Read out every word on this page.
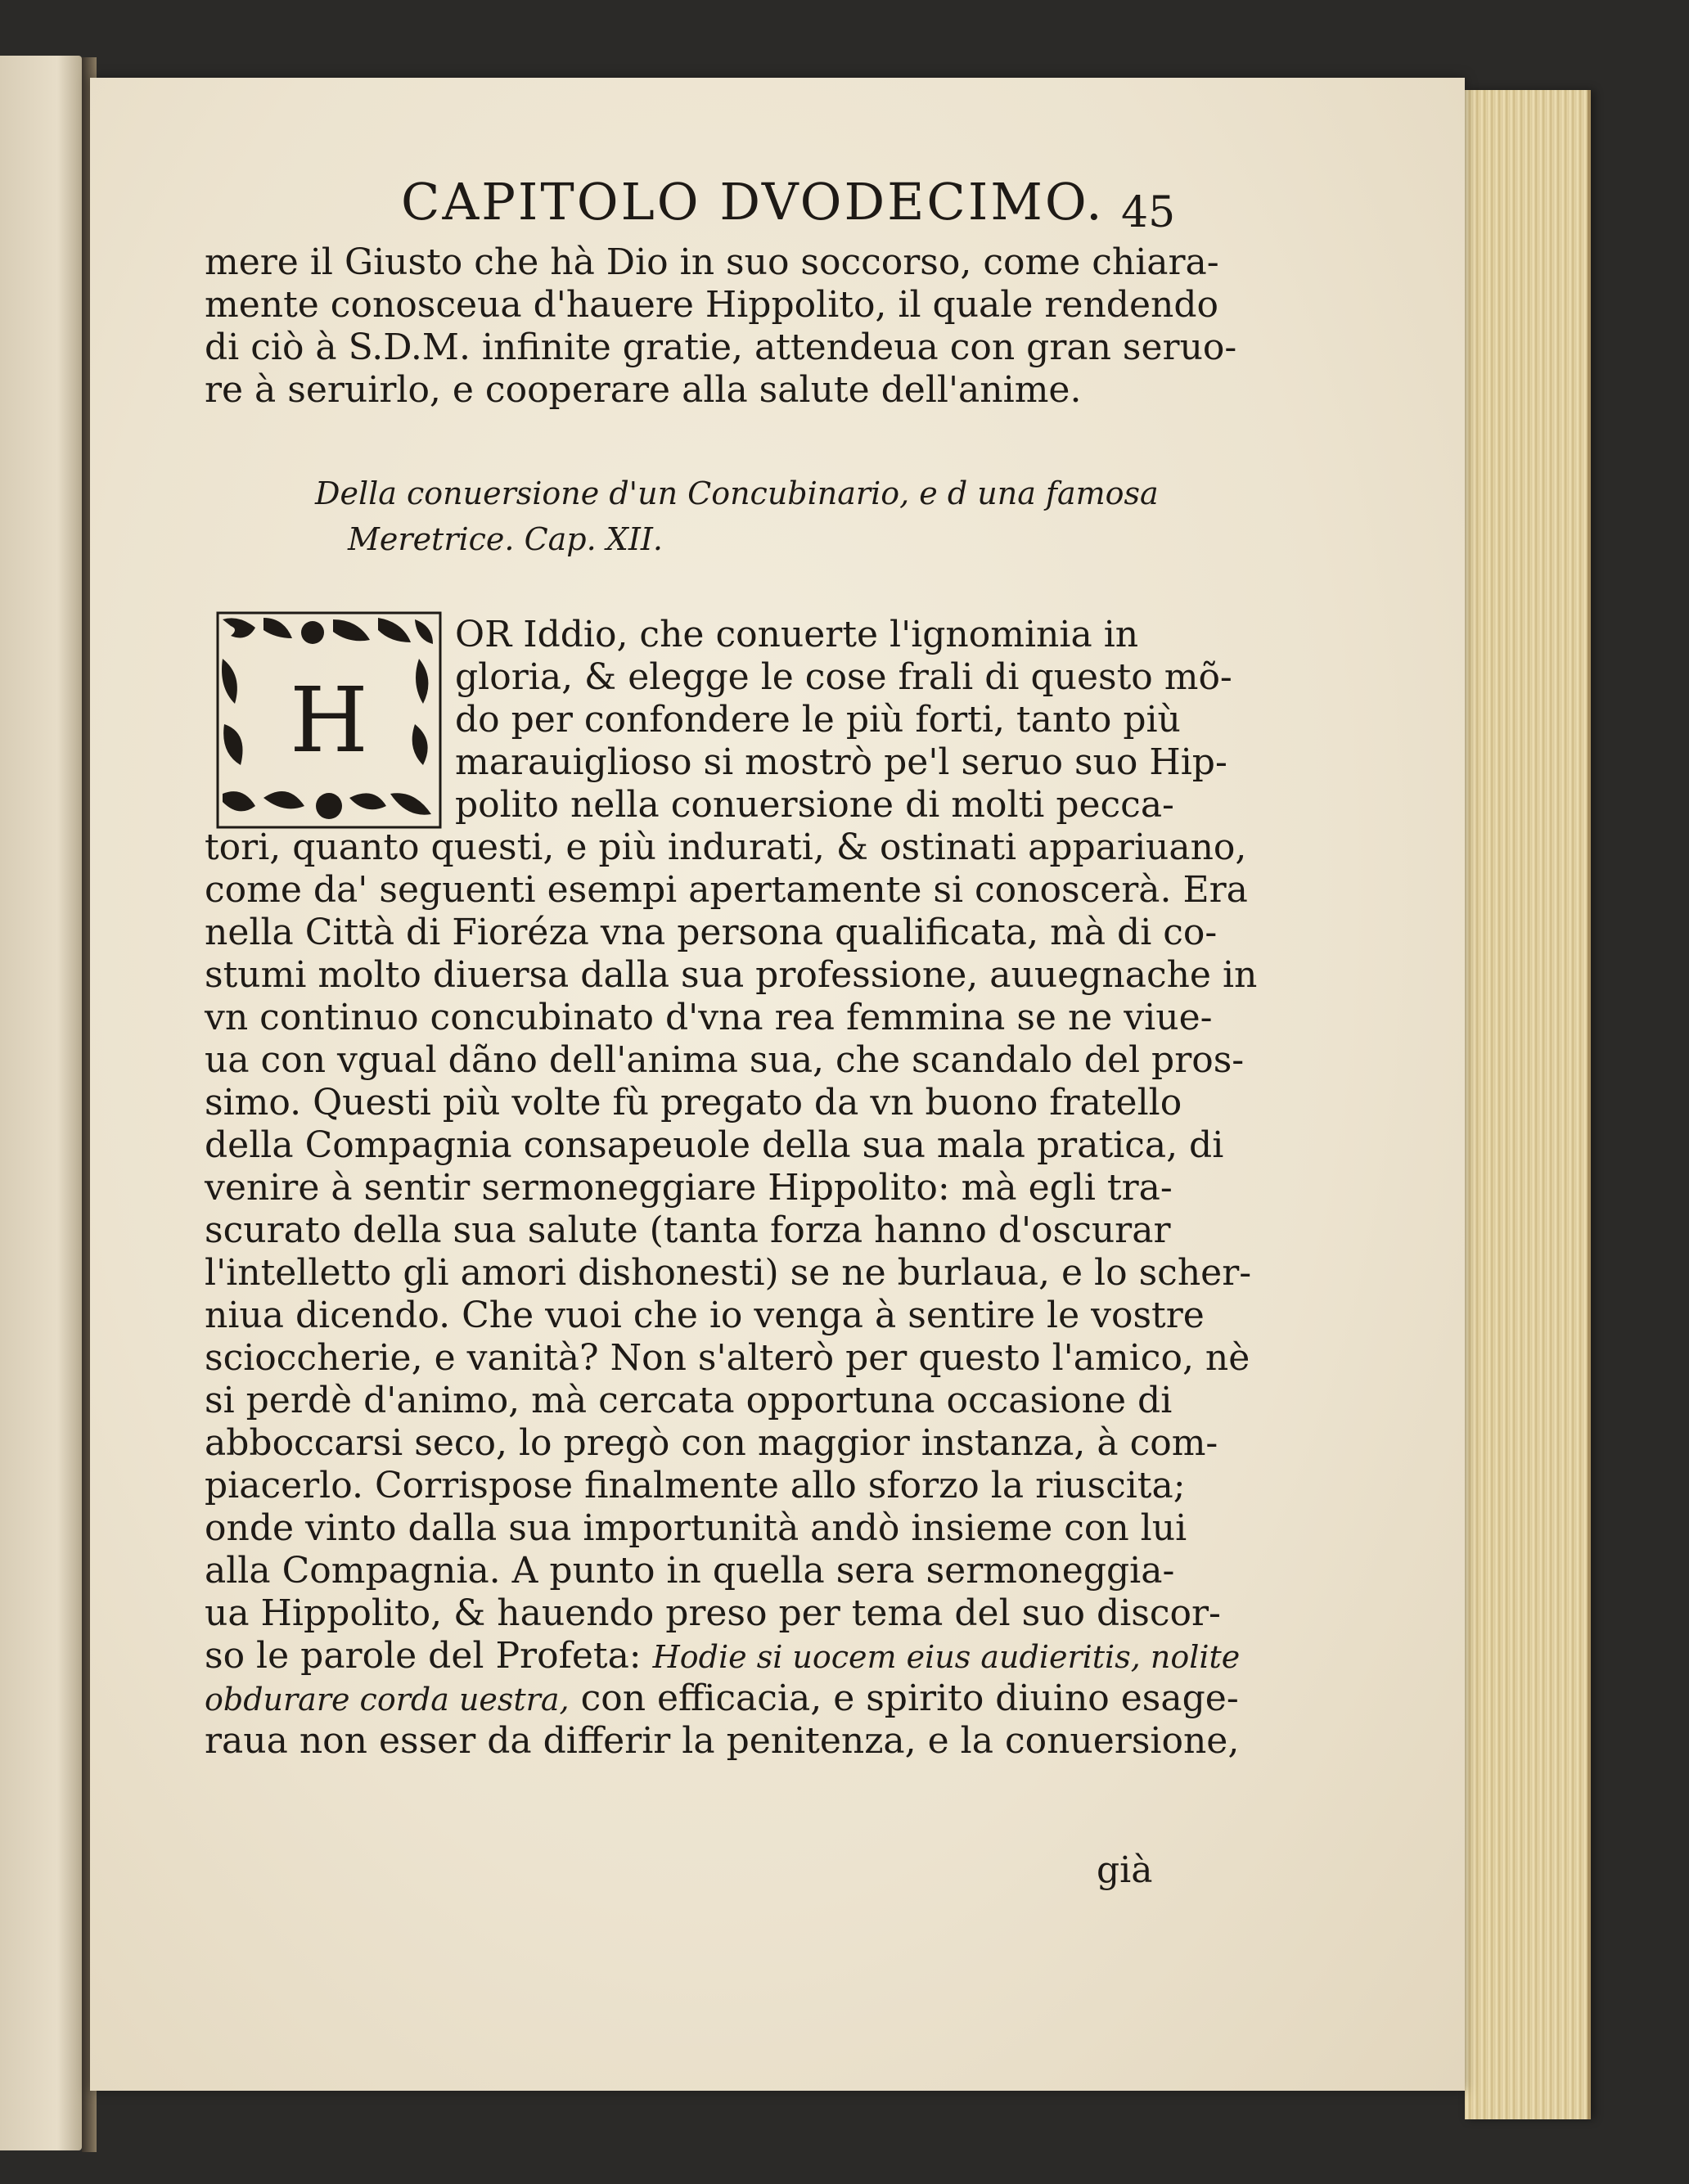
CAPITOLO DVODECIMO. 45
mere il Giusto che hà Dio in suo soccorso, come chiara-
mente conosceua d'hauere Hippolito, il quale rendendo
di ciò à S.D.M. infinite gratie, attendeua con gran seruo-
re à seruirlo, e cooperare alla salute dell'anime.
Della conuersione d'un Concubinario, e d una famosa
Meretrice. Cap. XII.
H
OR Iddio, che conuerte l'ignominia in
gloria, & elegge le cose frali di questo mõ-
do per confondere le più forti, tanto più
marauiglioso si mostrò pe'l seruo suo Hip-
polito nella conuersione di molti pecca-
tori, quanto questi, e più indurati, & ostinati appariuano,
come da' seguenti esempi apertamente si conoscerà. Era
nella Città di Fioréza vna persona qualificata, mà di co-
stumi molto diuersa dalla sua professione, auuegnache in
vn continuo concubinato d'vna rea femmina se ne viue-
ua con vgual dãno dell'anima sua, che scandalo del pros-
simo. Questi più volte fù pregato da vn buono fratello
della Compagnia consapeuole della sua mala pratica, di
venire à sentir sermoneggiare Hippolito: mà egli tra-
scurato della sua salute (tanta forza hanno d'oscurar
l'intelletto gli amori dishonesti) se ne burlaua, e lo scher-
niua dicendo. Che vuoi che io venga à sentire le vostre
scioccherie, e vanità? Non s'alterò per questo l'amico, nè
si perdè d'animo, mà cercata opportuna occasione di
abboccarsi seco, lo pregò con maggior instanza, à com-
piacerlo. Corrispose finalmente allo sforzo la riuscita;
onde vinto dalla sua importunità andò insieme con lui
alla Compagnia. A punto in quella sera sermoneggia-
ua Hippolito, & hauendo preso per tema del suo discor-
so le parole del Profeta: Hodie si uocem eius audieritis, nolite
obdurare corda uestra, con efficacia, e spirito diuino esage-
raua non esser da differir la penitenza, e la conuersione,
già
